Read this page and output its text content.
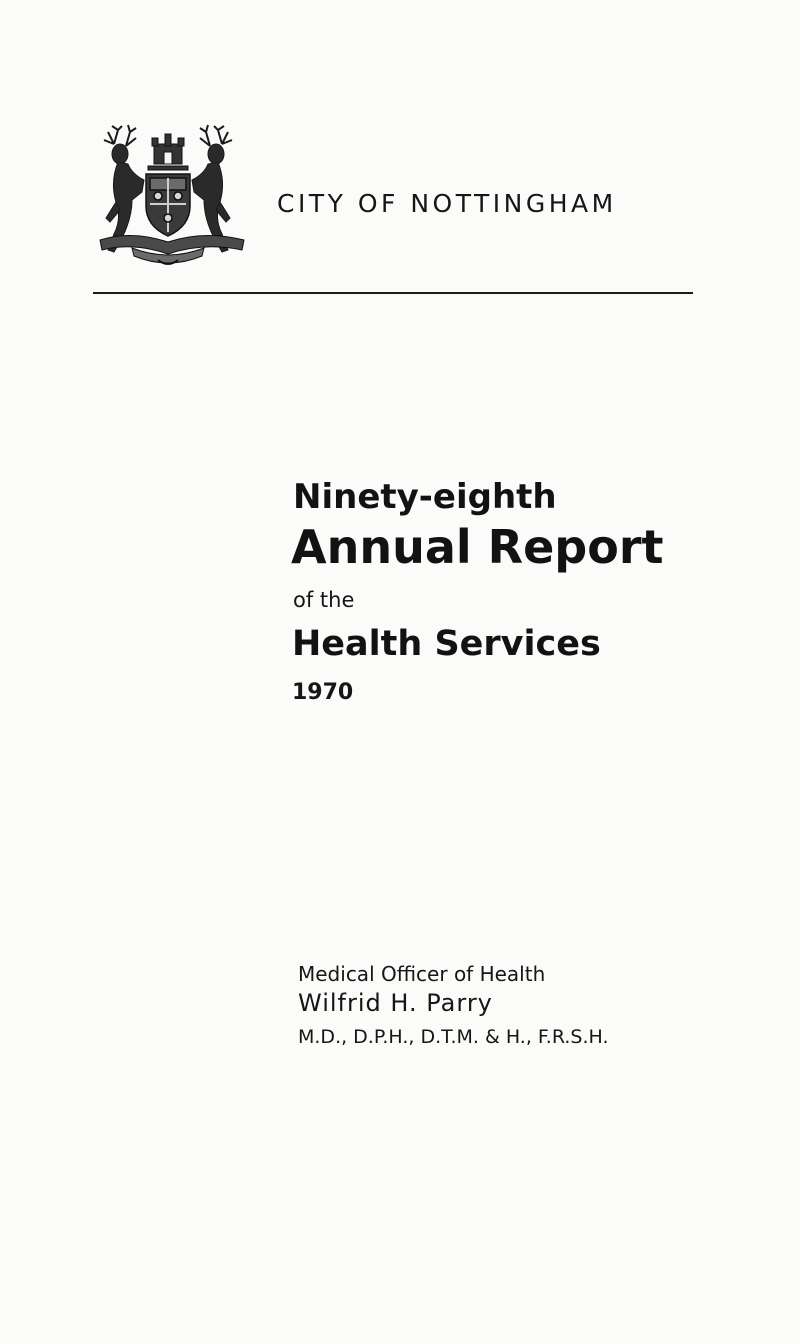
CITY OF NOTTINGHAM
Ninety-eighth
Annual Report
of the
Health Services
1970
Medical Officer of Health
Wilfrid H. Parry
M.D., D.P.H., D.T.M. & H., F.R.S.H.
